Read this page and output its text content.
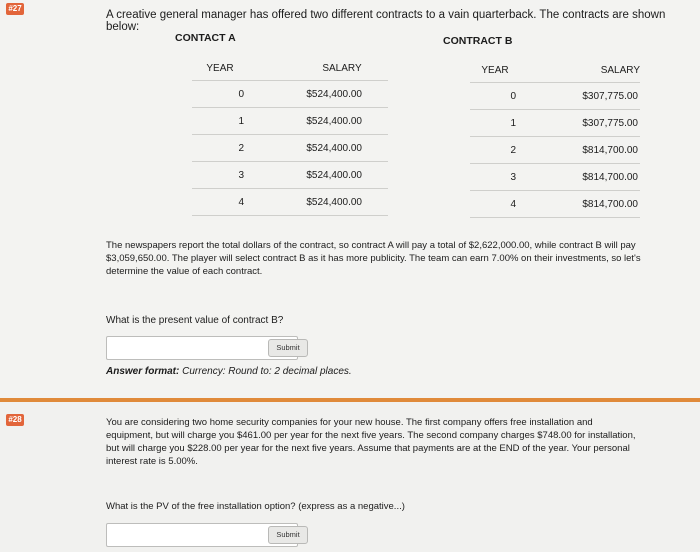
#27
A creative general manager has offered two different contracts to a vain quarterback. The contracts are shown below:
CONTACT A	CONTRACT B
YEAR	SALARY
0	$524,400.00
1	$524,400.00
2	$524,400.00
3	$524,400.00
4	$524,400.00
YEAR	SALARY
0	$307,775.00
1	$307,775.00
2	$814,700.00
3	$814,700.00
4	$814,700.00
The newspapers report the total dollars of the contract, so contract A will pay a total of $2,622,000.00, while contract B will pay $3,059,650.00. The player will select contract B as it has more publicity. The team can earn 7.00% on their investments, so let's determine the value of each contract.
What is the present value of contract B?
Submit
Answer format: Currency: Round to: 2 decimal places.
#28	You are considering two home security companies for your new house. The first company offers free installation and equipment, but will charge you $461.00 per year for the next five years. The second company charges $748.00 for installation, but will charge you $228.00 per year for the next five years. Assume that payments are at the END of the year. Your personal interest rate is 5.00%.
What is the PV of the free installation option? (express as a negative...)
Submit
